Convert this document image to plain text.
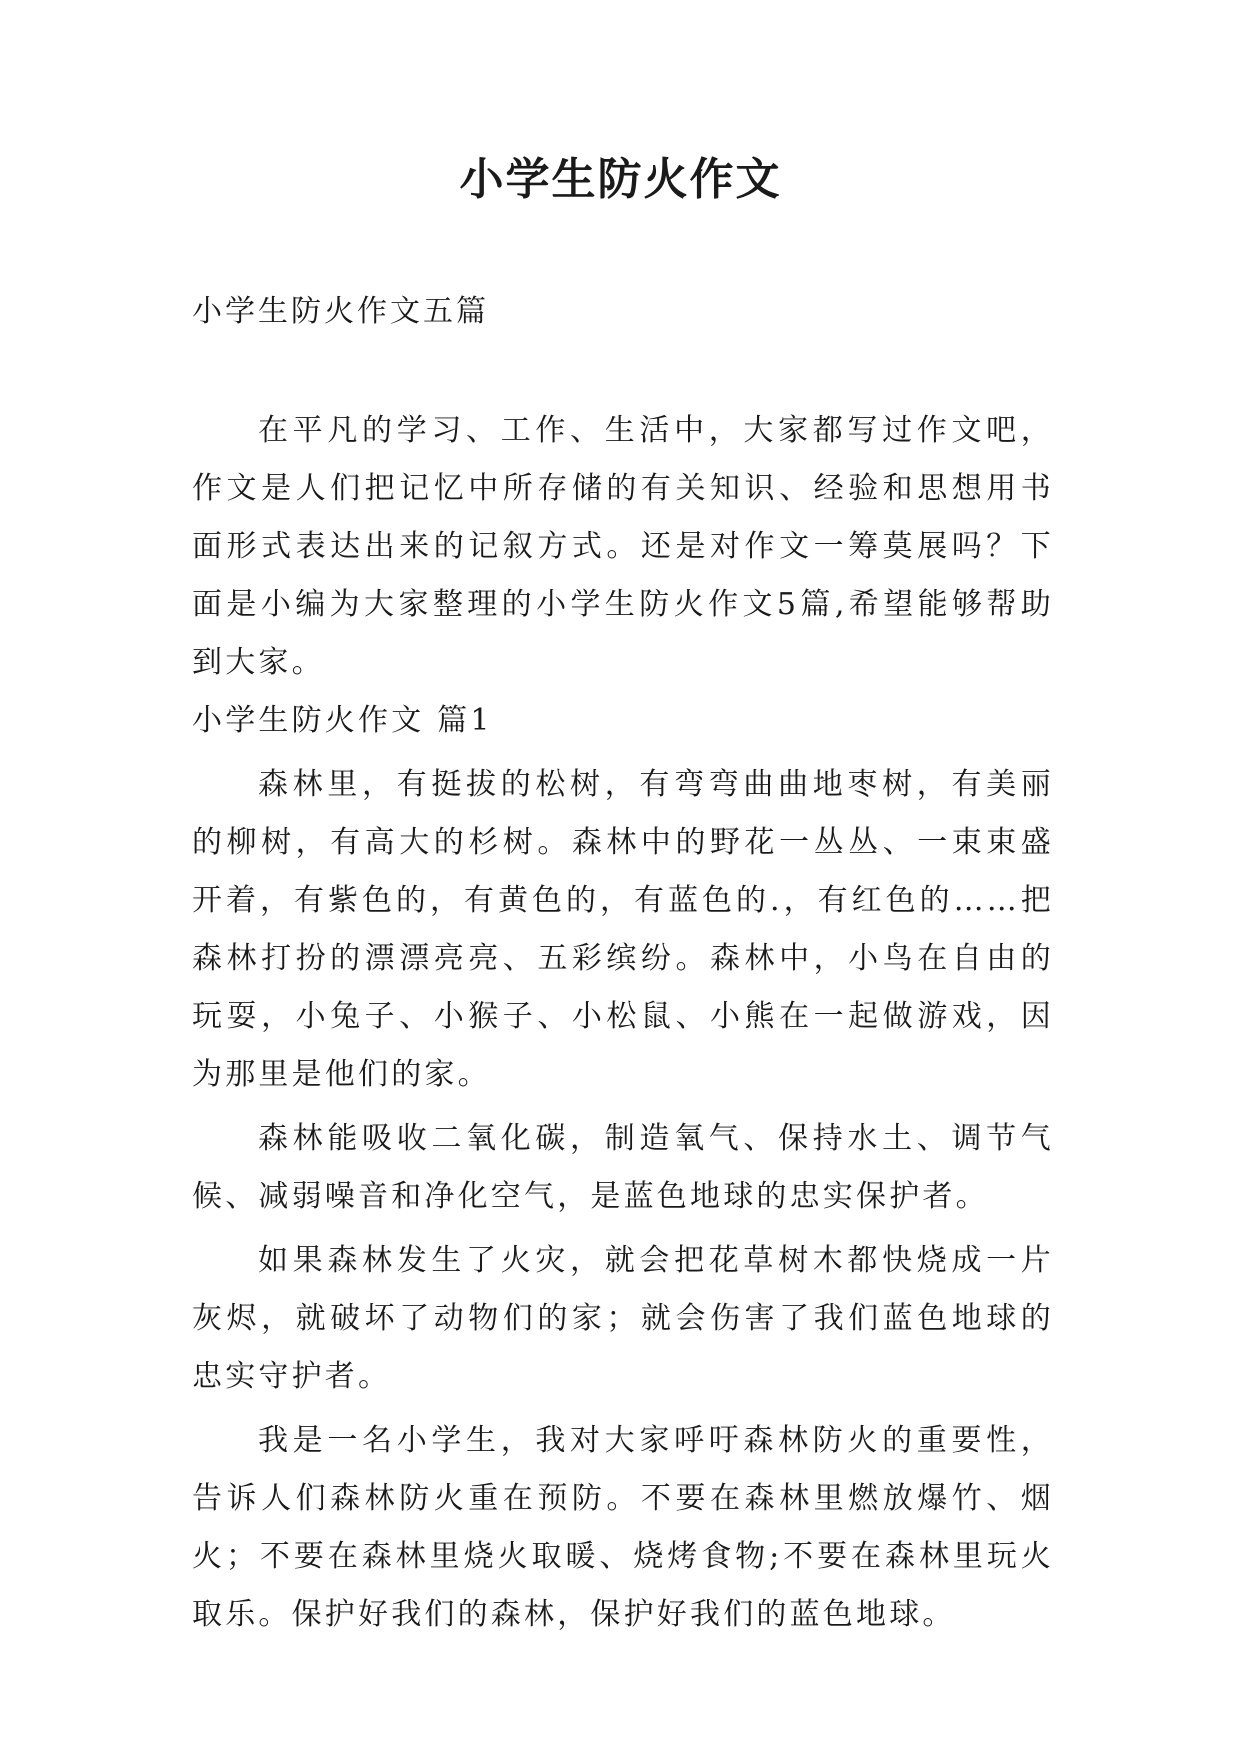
小学生防火作文

小学生防火作文五篇

在平凡的学习、工作、生活中，大家都写过作文吧，作文是人们把记忆中所存储的有关知识、经验和思想用书面形式表达出来的记叙方式。还是对作文一筹莫展吗？下面是小编为大家整理的小学生防火作文5篇,希望能够帮助到大家。

小学生防火作文 篇1

森林里，有挺拔的松树，有弯弯曲曲地枣树，有美丽的柳树，有高大的杉树。森林中的野花一丛丛、一束束盛开着，有紫色的，有黄色的，有蓝色的.，有红色的……把森林打扮的漂漂亮亮、五彩缤纷。森林中，小鸟在自由的玩耍，小兔子、小猴子、小松鼠、小熊在一起做游戏，因为那里是他们的家。

森林能吸收二氧化碳，制造氧气、保持水土、调节气候、减弱噪音和净化空气，是蓝色地球的忠实保护者。

如果森林发生了火灾，就会把花草树木都快烧成一片灰烬，就破坏了动物们的家；就会伤害了我们蓝色地球的忠实守护者。

我是一名小学生，我对大家呼吁森林防火的重要性，告诉人们森林防火重在预防。不要在森林里燃放爆竹、烟火；不要在森林里烧火取暖、烧烤食物;不要在森林里玩火取乐。保护好我们的森林，保护好我们的蓝色地球。
